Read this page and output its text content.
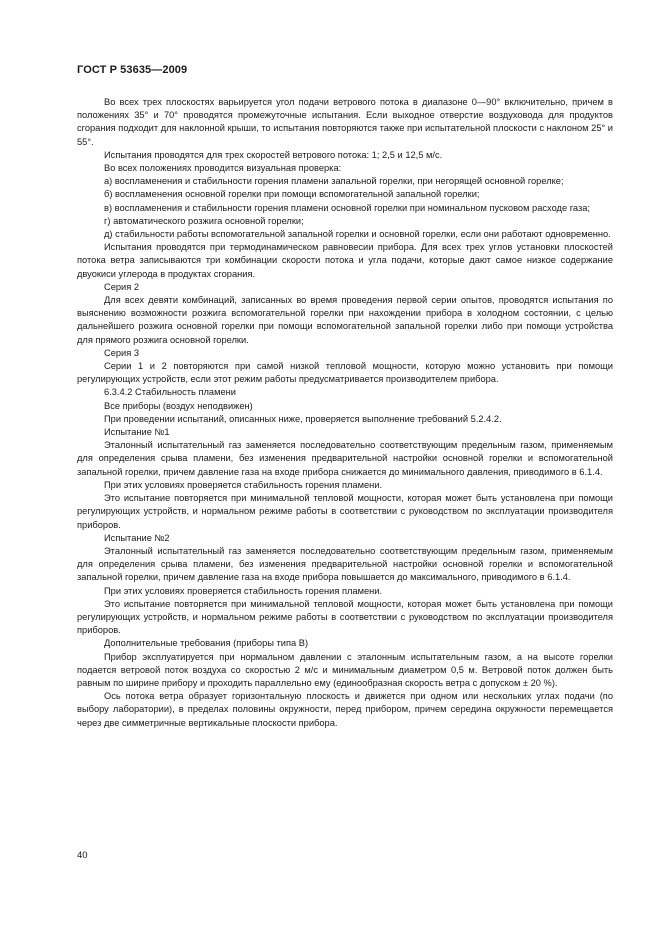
ГОСТ Р 53635—2009

Во всех трех плоскостях варьируется угол подачи ветрового потока в диапазоне 0—90° включительно, причем в положениях 35° и 70° проводятся промежуточные испытания. Если выходное отверстие воздуховода для продуктов сгорания подходит для наклонной крыши, то испытания повторяются также при испытательной плоскости с наклоном 25° и 55°.

Испытания проводятся для трех скоростей ветрового потока: 1; 2,5 и 12,5 м/с.

Во всех положениях проводится визуальная проверка:

а) воспламенения и стабильности горения пламени запальной горелки, при негорящей основной горелке;

б) воспламенения основной горелки при помощи вспомогательной запальной горелки;

в) воспламенения и стабильности горения пламени основной горелки при номинальном пусковом расходе газа;

г) автоматического розжига основной горелки;

д) стабильности работы вспомогательной запальной горелки и основной горелки, если они работают одновременно.

Испытания проводятся при термодинамическом равновесии прибора. Для всех трех углов установки плоскостей потока ветра записываются три комбинации скорости потока и угла подачи, которые дают самое низкое содержание двуокиси углерода в продуктах сгорания.

Серия 2

Для всех девяти комбинаций, записанных во время проведения первой серии опытов, проводятся испытания по выяснению возможности розжига вспомогательной горелки при нахождении прибора в холодном состоянии, с целью дальнейшего розжига основной горелки при помощи вспомогательной запальной горелки либо при помощи устройства для прямого розжига основной горелки.

Серия 3

Серии 1 и 2 повторяются при самой низкой тепловой мощности, которую можно установить при помощи регулирующих устройств, если этот режим работы предусматривается производителем прибора.

6.3.4.2 Стабильность пламени

Все приборы (воздух неподвижен)

При проведении испытаний, описанных ниже, проверяется выполнение требований 5.2.4.2.

Испытание №1

Эталонный испытательный газ заменяется последовательно соответствующим предельным газом, применяемым для определения срыва пламени, без изменения предварительной настройки основной горелки и вспомогательной запальной горелки, причем давление газа на входе прибора снижается до минимального давления, приводимого в 6.1.4.

При этих условиях проверяется стабильность горения пламени.

Это испытание повторяется при минимальной тепловой мощности, которая может быть установлена при помощи регулирующих устройств, и нормальном режиме работы в соответствии с руководством по эксплуатации производителя приборов.

Испытание №2

Эталонный испытательный газ заменяется последовательно соответствующим предельным газом, применяемым для определения срыва пламени, без изменения предварительной настройки основной горелки и вспомогательной запальной горелки, причем давление газа на входе прибора повышается до максимального, приводимого в 6.1.4.

При этих условиях проверяется стабильность горения пламени.

Это испытание повторяется при минимальной тепловой мощности, которая может быть установлена при помощи регулирующих устройств, и нормальном режиме работы в соответствии с руководством по эксплуатации производителя приборов.

Дополнительные требования (приборы типа В)

Прибор эксплуатируется при нормальном давлении с эталонным испытательным газом, а на высоте горелки подается ветровой поток воздуха со скоростью 2 м/с и минимальным диаметром 0,5 м. Ветровой поток должен быть равным по ширине прибору и проходить параллельно ему (единообразная скорость ветра с допуском ± 20 %).

Ось потока ветра образует горизонтальную плоскость и движется при одном или нескольких углах подачи (по выбору лаборатории), в пределах половины окружности, перед прибором, причем середина окружности перемещается через две симметричные вертикальные плоскости прибора.

40
